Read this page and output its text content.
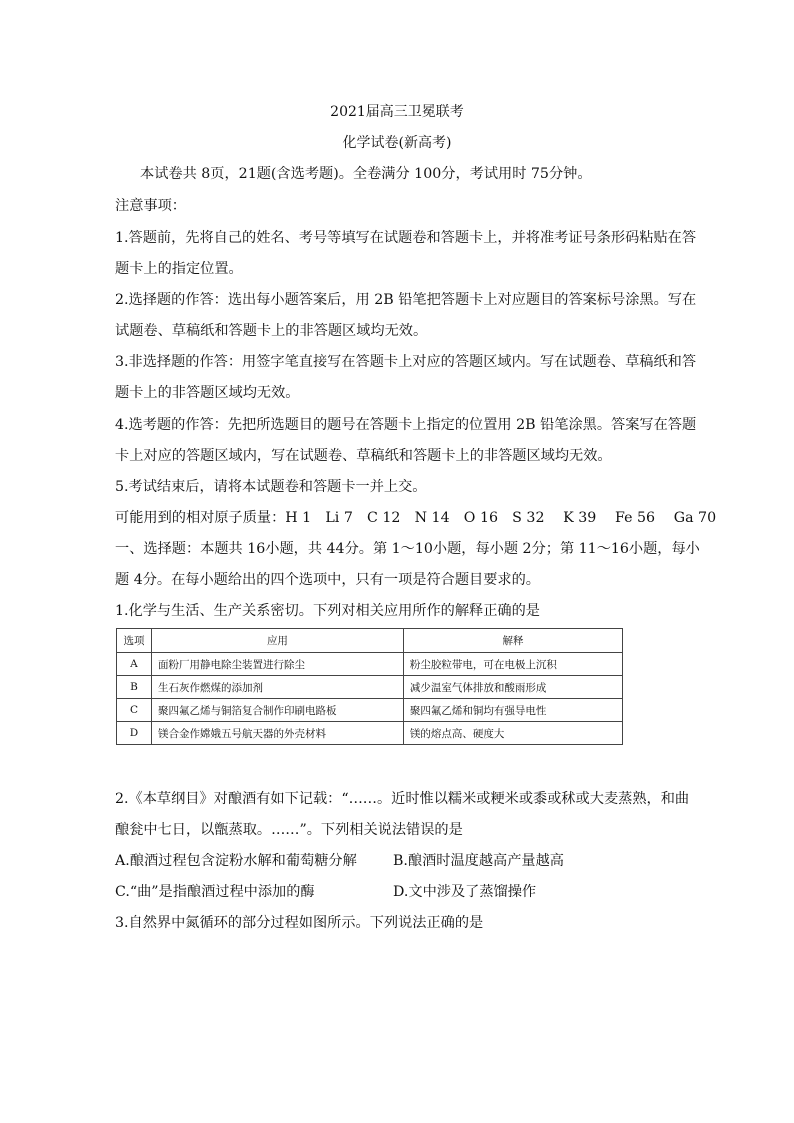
2021届高三卫冕联考
化学试卷(新高考)
本试卷共 8页，21题(含选考题)。全卷满分 100分，考试用时 75分钟。
注意事项：
1.答题前，先将自己的姓名、考号等填写在试题卷和答题卡上，并将准考证号条形码粘贴在答
题卡上的指定位置。
2.选择题的作答：选出每小题答案后，用 2B 铅笔把答题卡上对应题目的答案标号涂黑。写在
试题卷、草稿纸和答题卡上的非答题区域均无效。
3.非选择题的作答：用签字笔直接写在答题卡上对应的答题区域内。写在试题卷、草稿纸和答
题卡上的非答题区域均无效。
4.选考题的作答：先把所选题目的题号在答题卡上指定的位置用 2B 铅笔涂黑。答案写在答题
卡上对应的答题区域内，写在试题卷、草稿纸和答题卡上的非答题区域均无效。
5.考试结束后，请将本试题卷和答题卡一并上交。
可能用到的相对原子质量：H 1　Li 7　C 12　N 14　O 16　S 32　 K 39　 Fe 56　 Ga 70
一、选择题：本题共 16小题，共 44分。第 1～10小题，每小题 2分；第 11～16小题，每小
题 4分。在每小题给出的四个选项中，只有一项是符合题目要求的。
1.化学与生活、生产关系密切。下列对相关应用所作的解释正确的是
选项	应用	解释
A	面粉厂用静电除尘装置进行除尘	粉尘胶粒带电，可在电极上沉积
B	生石灰作燃煤的添加剂	减少温室气体排放和酸雨形成
C	聚四氟乙烯与铜箔复合制作印刷电路板	聚四氟乙烯和铜均有强导电性
D	镁合金作嫦娥五号航天器的外壳材料	镁的熔点高、硬度大
2.《本草纲目》对酿酒有如下记载：“……。近时惟以糯米或粳米或黍或秫或大麦蒸熟，和曲
酿瓮中七日，以甑蒸取。……”。下列相关说法错误的是
A.酿酒过程包含淀粉水解和葡萄糖分解	B.酿酒时温度越高产量越高
C.“曲”是指酿酒过程中添加的酶	D.文中涉及了蒸馏操作
3.自然界中氮循环的部分过程如图所示。下列说法正确的是
